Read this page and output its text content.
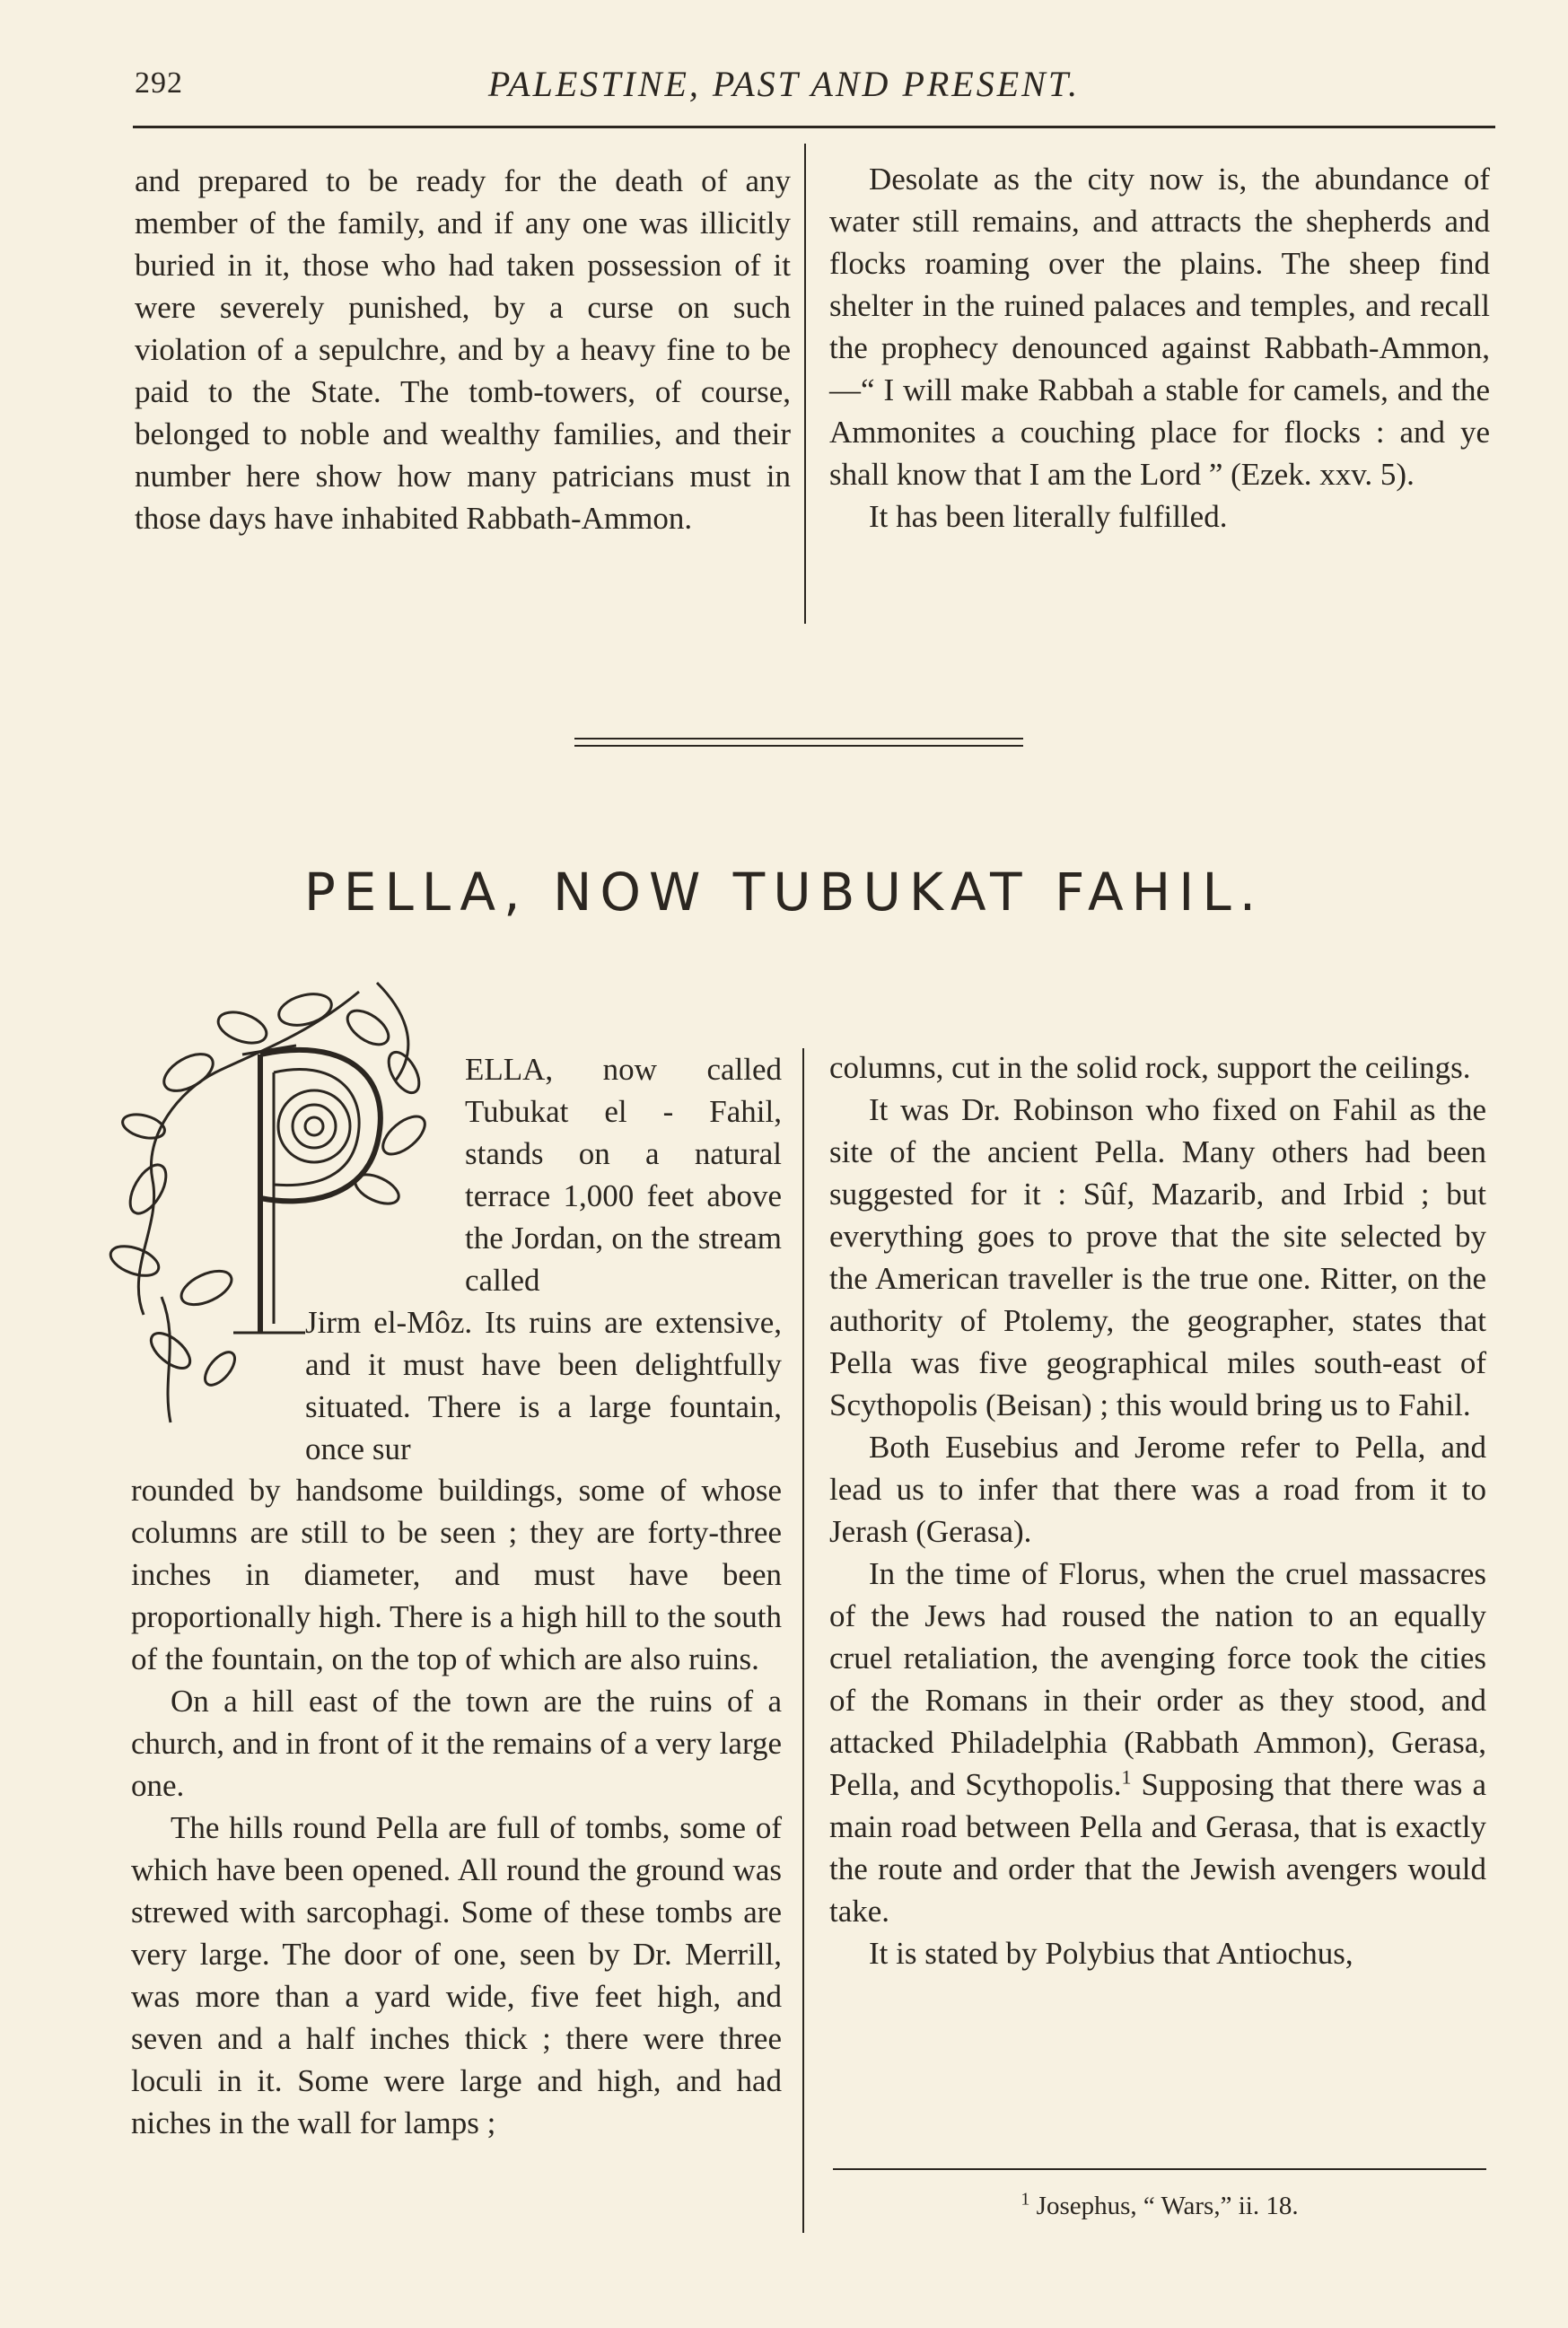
292	PALESTINE, PAST AND PRESENT.

and prepared to be ready for the death of any member of the family, and if any one was illicitly buried in it, those who had taken possession of it were severely punished, by a curse on such violation of a sepulchre, and by a heavy fine to be paid to the State. The tomb-towers, of course, belonged to noble and wealthy families, and their number here show how many patricians must in those days have inhabited Rabbath-Ammon.

Desolate as the city now is, the abundance of water still remains, and attracts the shepherds and flocks roaming over the plains. The sheep find shelter in the ruined palaces and temples, and recall the prophecy denounced against Rabbath-Ammon, —“ I will make Rabbah a stable for camels, and the Ammonites a couching place for flocks : and ye shall know that I am the Lord ” (Ezek. xxv. 5).

It has been literally fulfilled.

PELLA, NOW TUBUKAT FAHIL.
ELLA, now called Tubukat el - Fahil, stands on a natural terrace 1,000 feet above the Jordan, on the stream called
Jirm el-Môz. Its ruins are extensive, and it must have been delightfully situated. There is a large fountain, once sur

rounded by handsome buildings, some of whose columns are still to be seen ; they are forty-three inches in diameter, and must have been proportionally high. There is a high hill to the south of the fountain, on the top of which are also ruins.

On a hill east of the town are the ruins of a church, and in front of it the remains of a very large one.

The hills round Pella are full of tombs, some of which have been opened. All round the ground was strewed with sarcophagi. Some of these tombs are very large. The door of one, seen by Dr. Merrill, was more than a yard wide, five feet high, and seven and a half inches thick ; there were three loculi in it. Some were large and high, and had niches in the wall for lamps ;

columns, cut in the solid rock, support the ceilings.

It was Dr. Robinson who fixed on Fahil as the site of the ancient Pella. Many others had been suggested for it : Sûf, Mazarib, and Irbid ; but everything goes to prove that the site selected by the American traveller is the true one. Ritter, on the authority of Ptolemy, the geographer, states that Pella was five geographical miles south-east of Scythopolis (Beisan) ; this would bring us to Fahil.

Both Eusebius and Jerome refer to Pella, and lead us to infer that there was a road from it to Jerash (Gerasa).

In the time of Florus, when the cruel massacres of the Jews had roused the nation to an equally cruel retaliation, the avenging force took the cities of the Romans in their order as they stood, and attacked Philadelphia (Rabbath Ammon), Gerasa, Pella, and Scythopolis.$^1$ Supposing that there was a main road between Pella and Gerasa, that is exactly the route and order that the Jewish avengers would take.

It is stated by Polybius that Antiochus,

$^1$ Josephus, “ Wars,” ii. 18.
